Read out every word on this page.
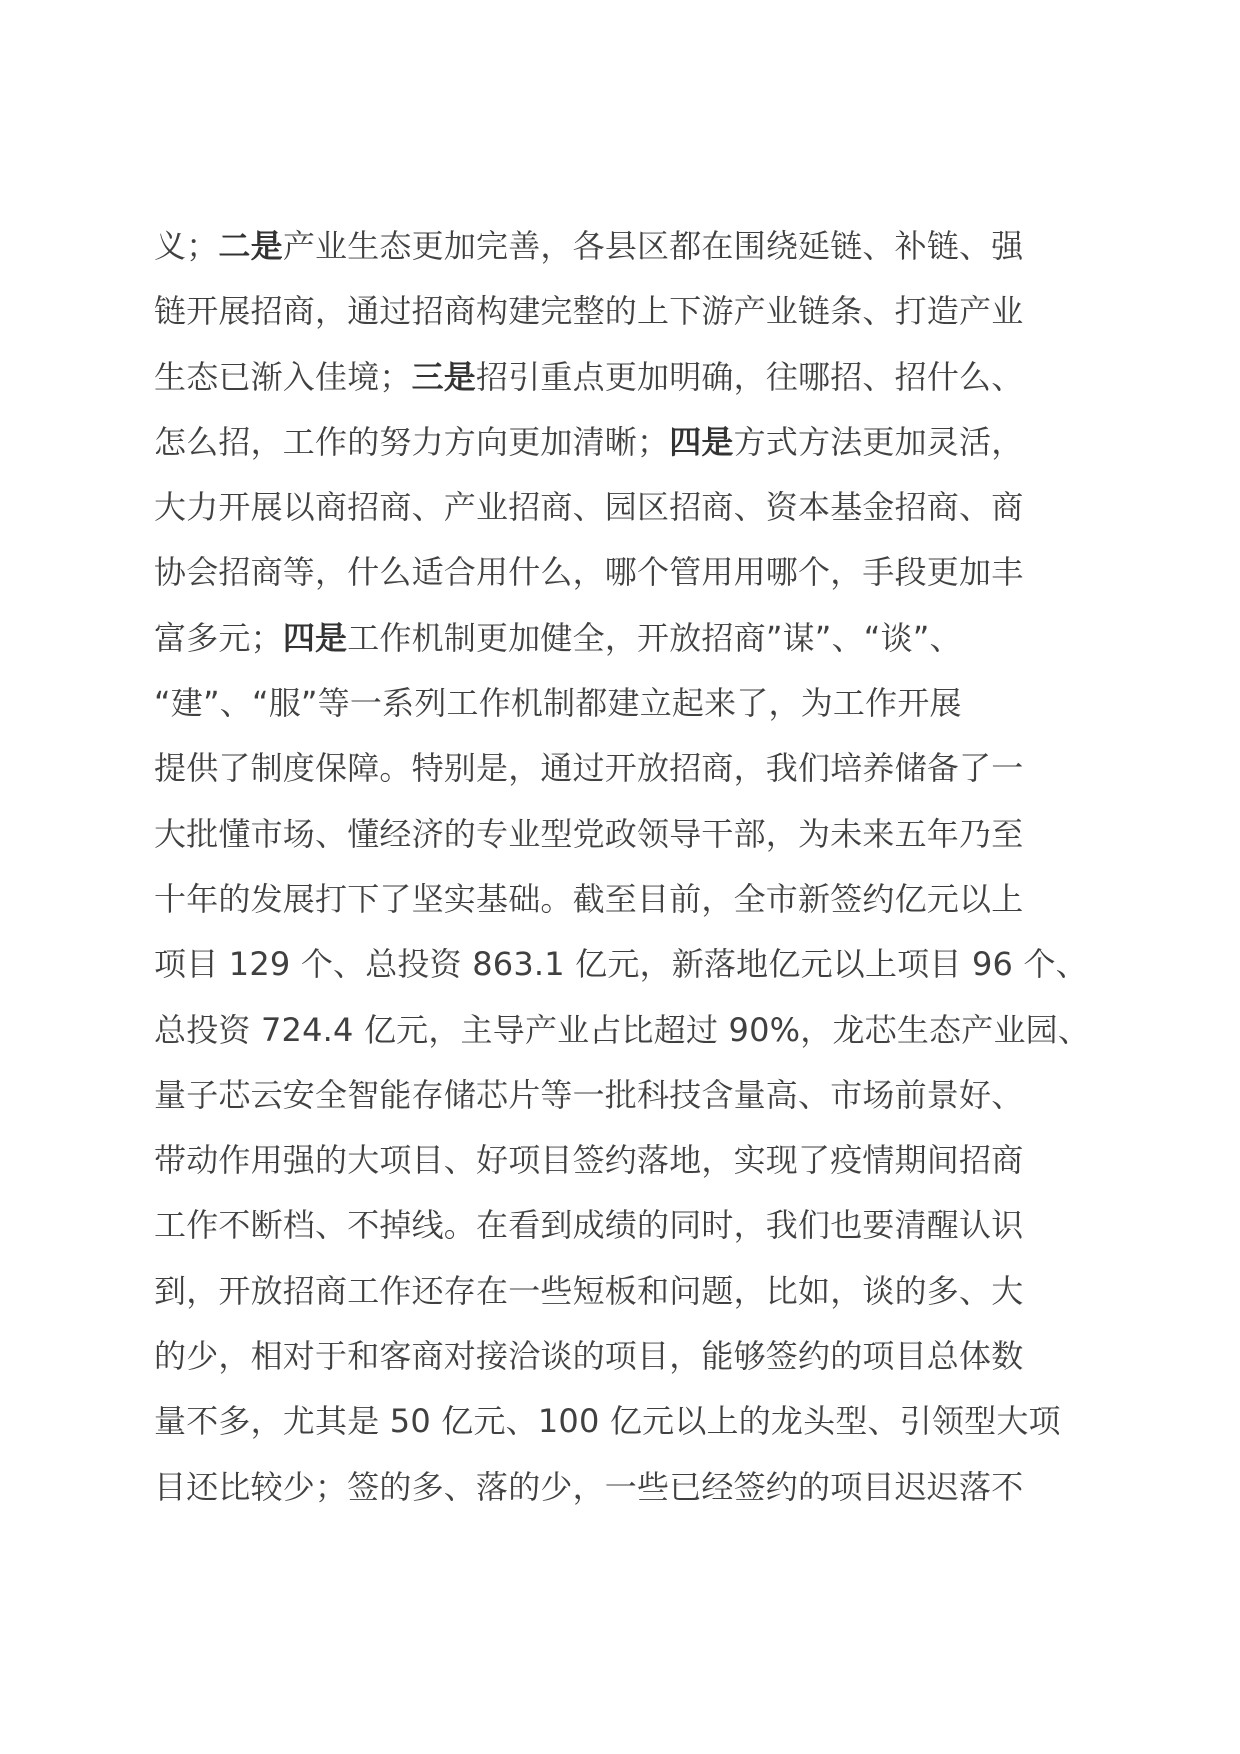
义；二是产业生态更加完善，各县区都在围绕延链、补链、强
链开展招商，通过招商构建完整的上下游产业链条、打造产业
生态已渐入佳境；三是招引重点更加明确，往哪招、招什么、
怎么招，工作的努力方向更加清晰；四是方式方法更加灵活，
大力开展以商招商、产业招商、园区招商、资本基金招商、商
协会招商等，什么适合用什么，哪个管用用哪个，手段更加丰
富多元；四是工作机制更加健全，开放招商”谋”、“谈”、
“建”、“服”等一系列工作机制都建立起来了，为工作开展
提供了制度保障。特别是，通过开放招商，我们培养储备了一
大批懂市场、懂经济的专业型党政领导干部，为未来五年乃至
十年的发展打下了坚实基础。截至目前，全市新签约亿元以上
项目 129 个、总投资 863.1 亿元，新落地亿元以上项目 96 个、
总投资 724.4 亿元，主导产业占比超过 90%，龙芯生态产业园、
量子芯云安全智能存储芯片等一批科技含量高、市场前景好、
带动作用强的大项目、好项目签约落地，实现了疫情期间招商
工作不断档、不掉线。在看到成绩的同时，我们也要清醒认识
到，开放招商工作还存在一些短板和问题，比如，谈的多、大
的少，相对于和客商对接洽谈的项目，能够签约的项目总体数
量不多，尤其是 50 亿元、100 亿元以上的龙头型、引领型大项
目还比较少；签的多、落的少，一些已经签约的项目迟迟落不
